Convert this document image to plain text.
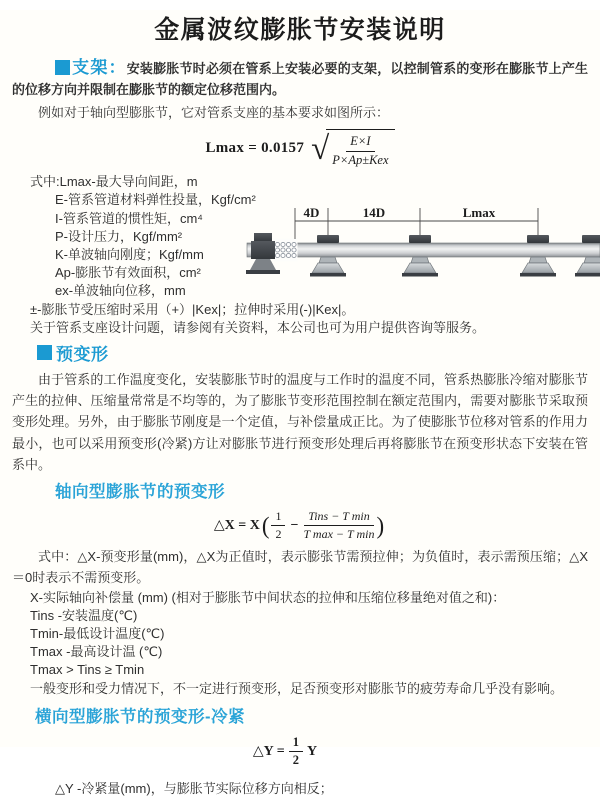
金属波纹膨胀节安装说明

支架：安装膨胀节时必须在管系上安装必要的支架，以控制管系的变形在膨胀节上产生的位移方向并限制在膨胀节的额定位移范围内。

例如对于轴向型膨胀节，它对管系支座的基本要求如图所示：

Lmax = 0.0157 √ $\frac{E\times I}{\text{P×Ap±Kex}}$
式中:Lmax-最大导向间距，m
E-管系管道材料弹性投量，Kgf/cm²
I-管系管道的惯性矩，cm⁴
P-设计压力，Kgf/mm²
K-单波轴向刚度；Kgf/mm
Ap-膨胀节有效面积，cm²
ex-单波轴向位移，mm
±-膨胀节受压缩时采用（+）|Kex|；拉伸时采用(-)|Kex|。
关于管系支座设计问题，请参阅有关资料，本公司也可为用户提供咨询等服务。
4D	14D	Lmax
预变形

由于管系的工作温度变化，安装膨胀节时的温度与工作时的温度不同，管系热膨胀冷缩对膨胀节产生的拉伸、压缩量常常是不均等的，为了膨胀节变形范围控制在额定范围内，需要对膨胀节采取预变形处理。另外，由于膨胀节刚度是一个定值，与补偿量成正比。为了使膨胀节位移对管系的作用力最小，也可以采用预变形(冷紧)方让对膨胀节进行预变形处理后再将膨胀节在预变形状态下安装在管系中。

轴向型膨胀节的预变形
△X = X ( $\frac{1}{2} - \frac{\text{Tins − T min}}{\text{T max − T min}}$ )

式中：△X-预变形量(mm)，△X为正值时，表示膨张节需预拉伸；为负值时，表示需预压缩；△X＝0时表示不需预变形。

X-实际轴向补偿量 (mm) (相对于膨胀节中间状态的拉伸和压缩位移量绝对值之和)：
Tins -安装温度(℃)
Tmin-最低设计温度(℃)
Tmax -最高设计温 (℃)
Tmax > Tins ≥ Tmin
一般变形和受力情况下，不一定进行预变形，足否预变形对膨胀节的疲劳寿命几乎没有影响。
横向型膨胀节的预变形-冷紧
△Y = $\frac{1}{2}$ Y
△Y -冷紧量(mm)，与膨胀节实际位移方向相反；
